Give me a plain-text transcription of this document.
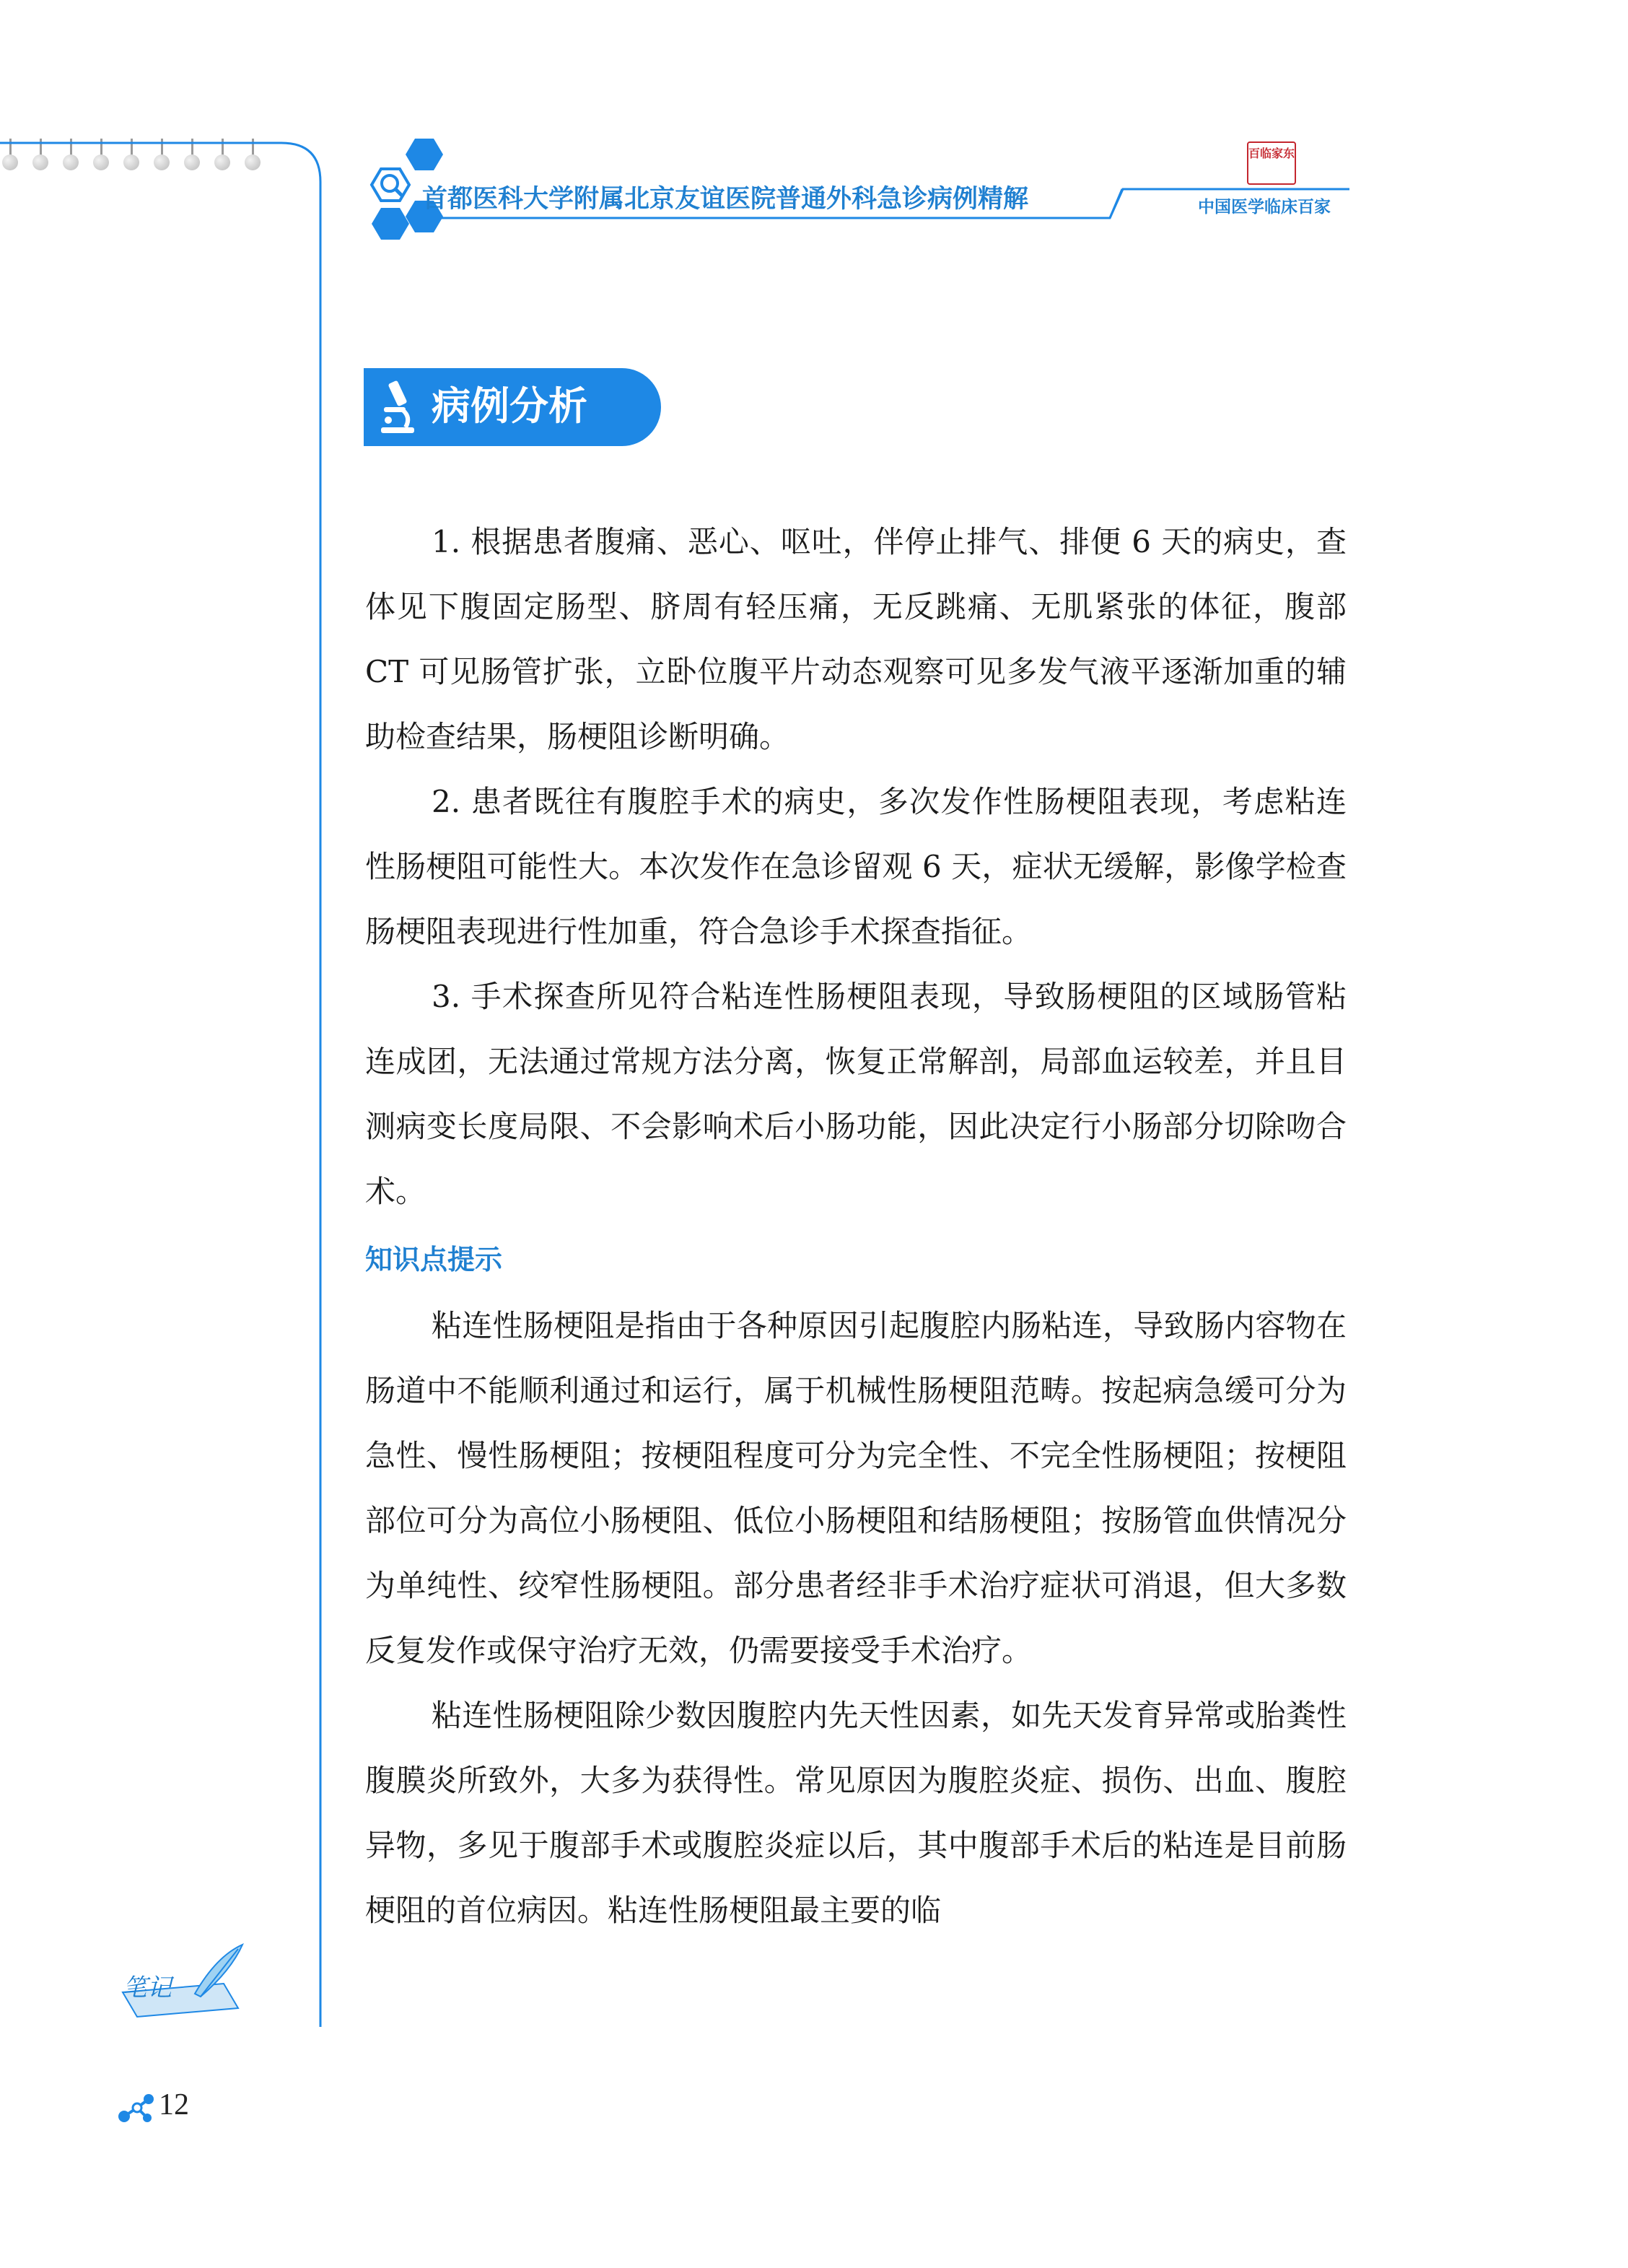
首都医科大学附属北京友谊医院普通外科急诊病例精解
百临家东
中国医学临床百家
病例分析

1. 根据患者腹痛、恶心、呕吐，伴停止排气、排便 6 天的病史，查体见下腹固定肠型、脐周有轻压痛，无反跳痛、无肌紧张的体征，腹部 CT 可见肠管扩张，立卧位腹平片动态观察可见多发气液平逐渐加重的辅助检查结果，肠梗阻诊断明确。

2. 患者既往有腹腔手术的病史，多次发作性肠梗阻表现，考虑粘连性肠梗阻可能性大。本次发作在急诊留观 6 天，症状无缓解，影像学检查肠梗阻表现进行性加重，符合急诊手术探查指征。

3. 手术探查所见符合粘连性肠梗阻表现，导致肠梗阻的区域肠管粘连成团，无法通过常规方法分离，恢复正常解剖，局部血运较差，并且目测病变长度局限、不会影响术后小肠功能，因此决定行小肠部分切除吻合术。

知识点提示

粘连性肠梗阻是指由于各种原因引起腹腔内肠粘连，导致肠内容物在肠道中不能顺利通过和运行，属于机械性肠梗阻范畴。按起病急缓可分为急性、慢性肠梗阻；按梗阻程度可分为完全性、不完全性肠梗阻；按梗阻部位可分为高位小肠梗阻、低位小肠梗阻和结肠梗阻；按肠管血供情况分为单纯性、绞窄性肠梗阻。部分患者经非手术治疗症状可消退，但大多数反复发作或保守治疗无效，仍需要接受手术治疗。

粘连性肠梗阻除少数因腹腔内先天性因素，如先天发育异常或胎粪性腹膜炎所致外，大多为获得性。常见原因为腹腔炎症、损伤、出血、腹腔异物，多见于腹部手术或腹腔炎症以后，其中腹部手术后的粘连是目前肠梗阻的首位病因。粘连性肠梗阻最主要的临

笔记
12
